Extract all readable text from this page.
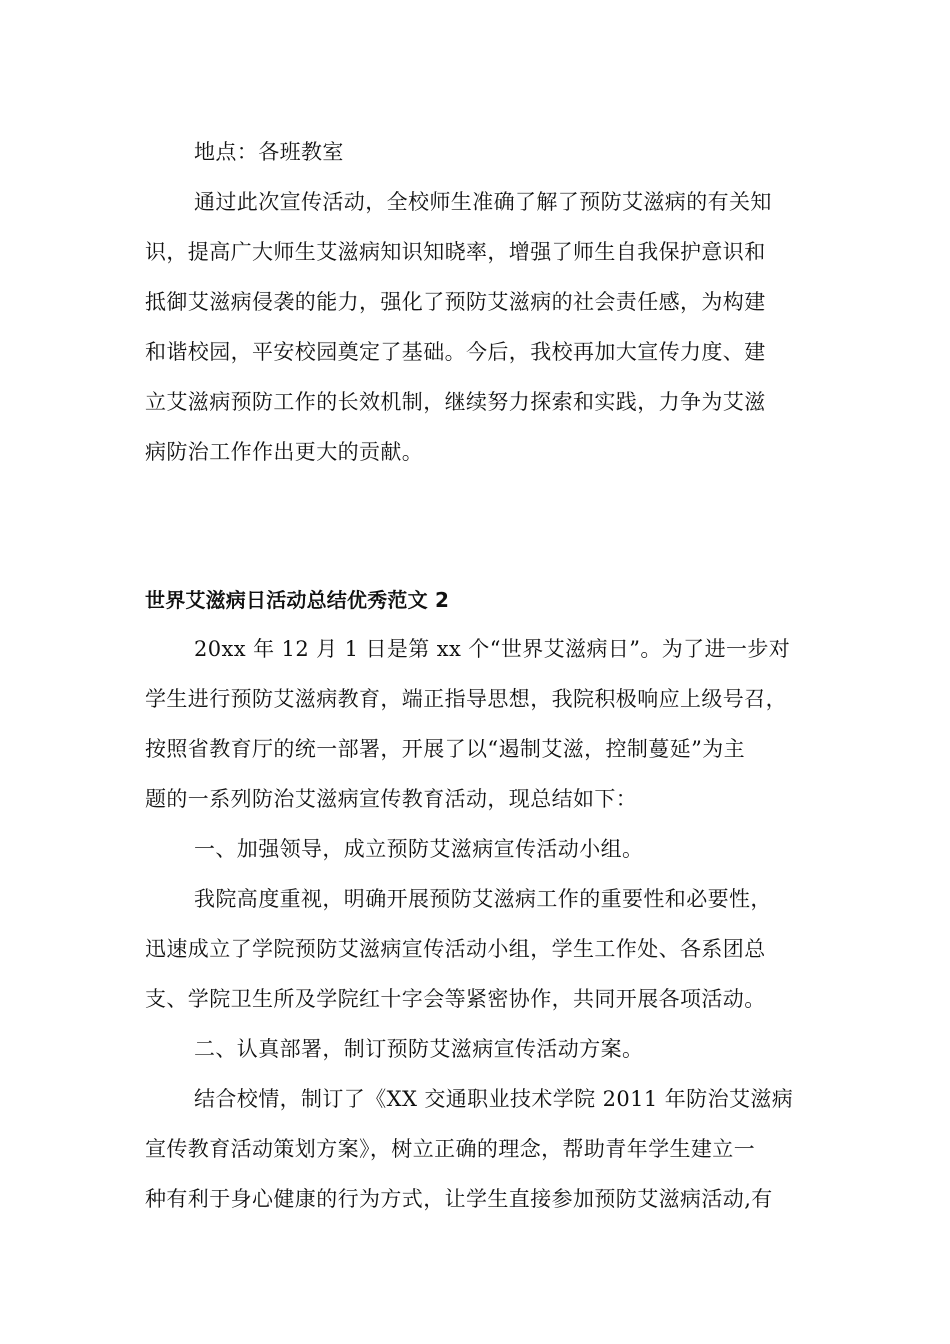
地点：各班教室
通过此次宣传活动，全校师生准确了解了预防艾滋病的有关知
识，提高广大师生艾滋病知识知晓率，增强了师生自我保护意识和
抵御艾滋病侵袭的能力，强化了预防艾滋病的社会责任感，为构建
和谐校园，平安校园奠定了基础。今后，我校再加大宣传力度、建
立艾滋病预防工作的长效机制，继续努力探索和实践，力争为艾滋
病防治工作作出更大的贡献。
世界艾滋病日活动总结优秀范文 2
20xx 年 12 月 1 日是第 xx 个“世界艾滋病日”。为了进一步对
学生进行预防艾滋病教育，端正指导思想，我院积极响应上级号召，
按照省教育厅的统一部署，开展了以“遏制艾滋，控制蔓延”为主
题的一系列防治艾滋病宣传教育活动，现总结如下：
一、加强领导，成立预防艾滋病宣传活动小组。
我院高度重视，明确开展预防艾滋病工作的重要性和必要性，
迅速成立了学院预防艾滋病宣传活动小组，学生工作处、各系团总
支、学院卫生所及学院红十字会等紧密协作，共同开展各项活动。
二、认真部署，制订预防艾滋病宣传活动方案。
结合校情，制订了《XX 交通职业技术学院 2011 年防治艾滋病
宣传教育活动策划方案》，树立正确的理念，帮助青年学生建立一
种有利于身心健康的行为方式，让学生直接参加预防艾滋病活动,有
